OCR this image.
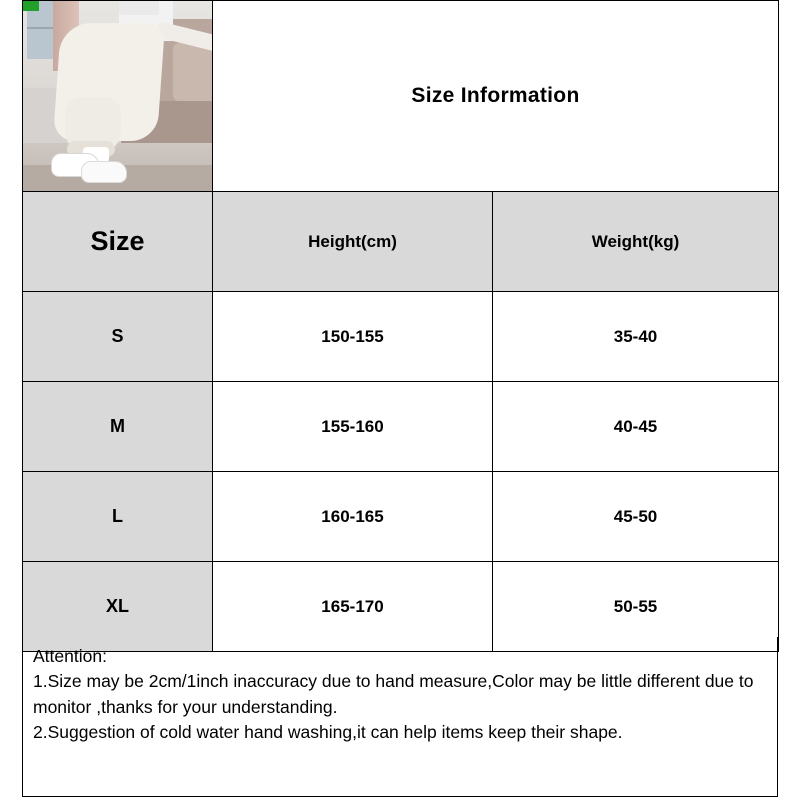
	Size Information	
Size	Height(cm)	Weight(kg)
S	150-155	35-40
M	155-160	40-45
L	160-165	45-50
XL	165-170	50-55
Attention:
1.Size may be 2cm/1inch inaccuracy due to hand measure,Color may be little different due to monitor ,thanks for your understanding.
2.Suggestion of cold water hand washing,it can help items keep their shape.
